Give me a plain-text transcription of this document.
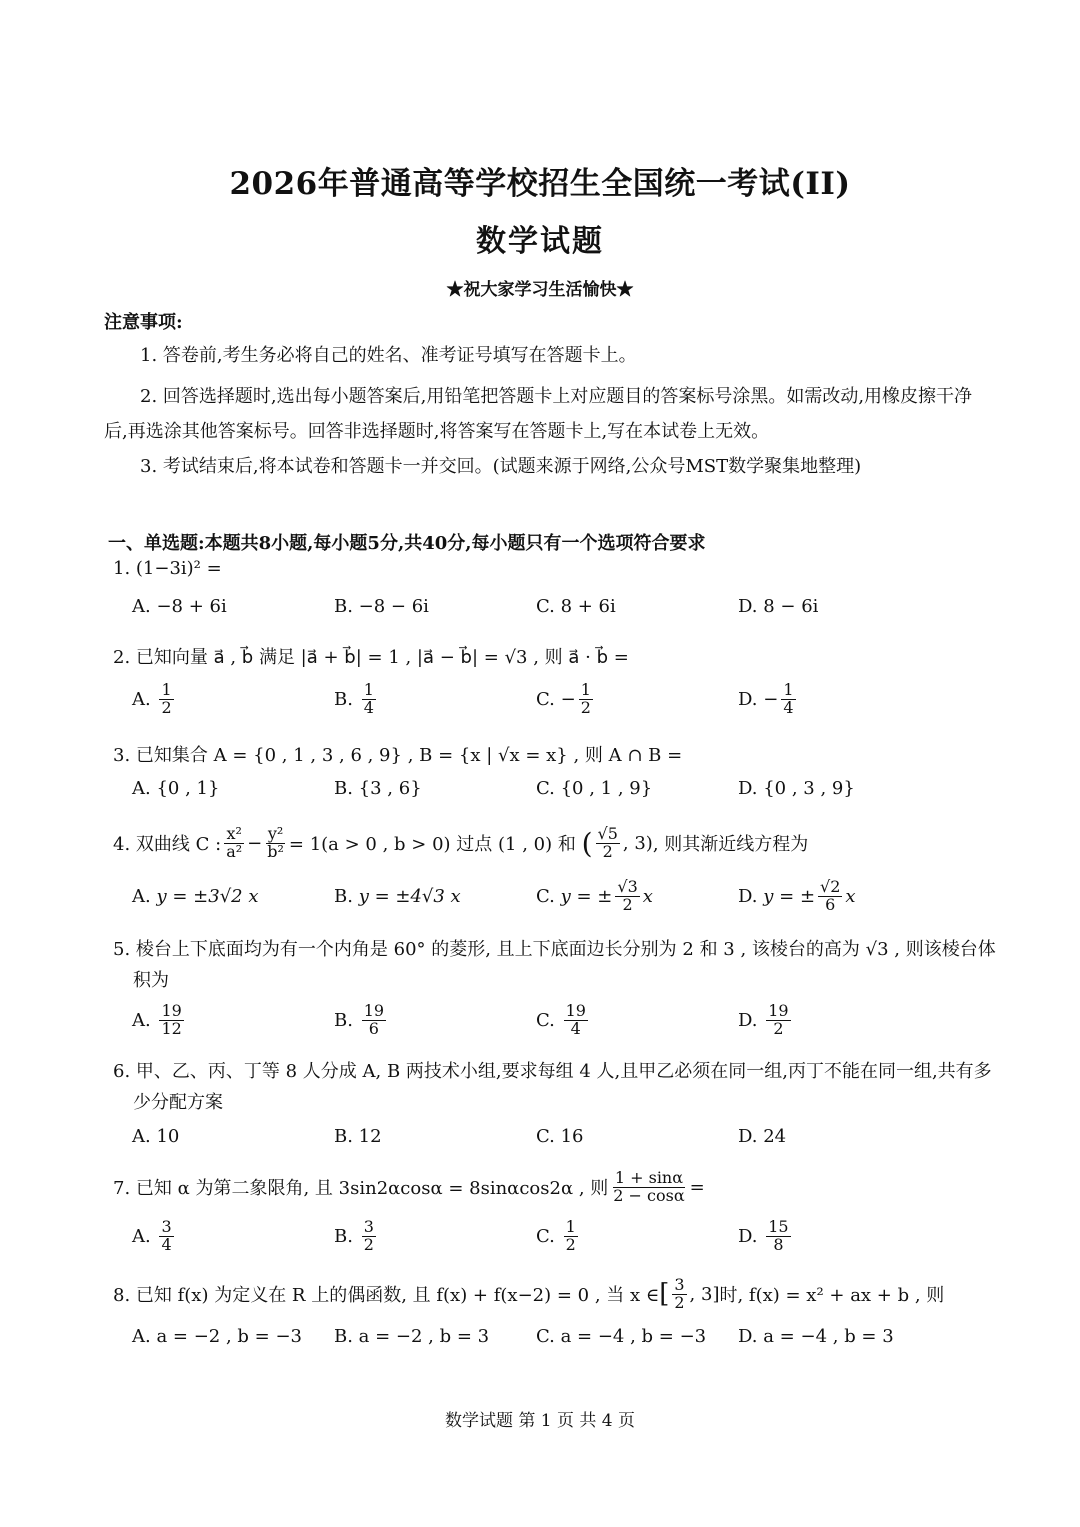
2026年普通高等学校招生全国统一考试(II)
数学试题
★祝大家学习生活愉快★
注意事项:
1. 答卷前,考生务必将自己的姓名、准考证号填写在答题卡上。
2. 回答选择题时,选出每小题答案后,用铅笔把答题卡上对应题目的答案标号涂黑。如需改动,用橡皮擦干净后,再选涂其他答案标号。回答非选择题时,将答案写在答题卡上,写在本试卷上无效。
3. 考试结束后,将本试卷和答题卡一并交回。(试题来源于网络,公众号MST数学聚集地整理)
一、单选题:本题共8小题,每小题5分,共40分,每小题只有一个选项符合要求
1. (1−3i)² =
A. −8 + 6i	B. −8 − 6i	C. 8 + 6i	D. 8 − 6i
2. 已知向量 a⃗ , b⃗ 满足 |a⃗ + b⃗| = 1 , |a⃗ − b⃗| = √3 , 则 a⃗ · b⃗ =
A.
$\frac{1}{2}$	B.
$\frac{1}{4}$	C.
− $\frac{1}{2}$	D.
− $\frac{1}{4}$
3. 已知集合 A = {0 , 1 , 3 , 6 , 9} , B = {x | √x = x} , 则 A ∩ B =
A. {0 , 1}	B. {3 , 6}	C. {0 , 1 , 9}	D. {0 , 3 , 9}
4. 双曲线 C : $\frac{\text{x²}}{\text{a²}} - \frac{\text{y²}}{\text{b²}} = 1(a > 0$ , b > 0) 过点 (1 , 0) 和
( $\frac{√5}{2}$ , 3) , 则其渐近线方程为
A.
y = ±3√2 x	B.
y = ±4√3 x	C.
y = ± $\frac{√3}{2}$ x	D.
y = ± $\frac{√2}{6}$ x
5. 棱台上下底面均为有一个内角是 60° 的菱形, 且上下底面边长分别为 2 和 3 , 该棱台的高为 √3 , 则该棱台体积为
A.
$\frac{19}{12}$	B.
$\frac{19}{6}$	C.
$\frac{19}{4}$	D.
$\frac{19}{2}$
6. 甲、乙、丙、丁等 8 人分成 A, B 两技术小组,要求每组 4 人,且甲乙必须在同一组,丙丁不能在同一组,共有多少分配方案
A. 10	B. 12	C. 16	D. 24
7. 已知 α 为第二象限角, 且 3sin2αcosα = 8sinαcos2α , 则 $\frac{1 + \sin\alpha}{2 - \cos\alpha}$ =
A.
$\frac{3}{4}$	B.
$\frac{3}{2}$	C.
$\frac{1}{2}$	D.
$\frac{15}{8}$
8. 已知 f(x) 为定义在 R 上的偶函数, 且 f(x) + f(x−2) = 0 , 当 x ∈ [ $\frac{3}{2}$ , 3] 时, f(x) = x² + ax + b , 则
A. a = −2 , b = −3 B. a = −2 , b = 3	C. a = −4 , b = −3 D. a = −4 , b = 3
数学试题 第 1 页 共 4 页
